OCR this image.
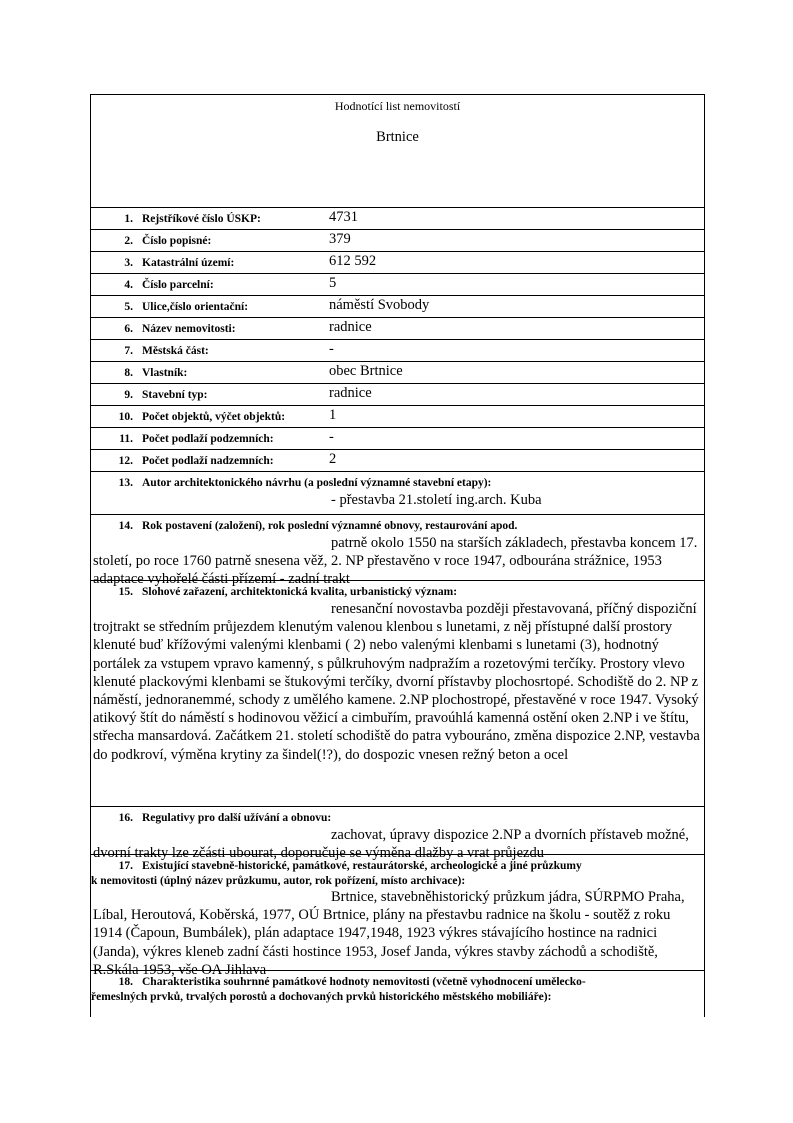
Hodnotící list nemovitostí
Brtnice
1. Rejstříkové číslo ÚSKP:	4731
2. Číslo popisné:	379
3. Katastrální území:	612 592
4. Číslo parcelní:	5
5. Ulice,číslo orientační:	náměstí Svobody
6. Název nemovitosti:	radnice
7. Městská část:	-
8. Vlastník:	obec Brtnice
9. Stavební typ:	radnice
10. Počet objektů, výčet objektů:	1
11. Počet podlaží podzemních:	-
12. Počet podlaží nadzemních:	2
13. Autor architektonického návrhu (a poslední významné stavební etapy):

- přestavba 21.století ing.arch. Kuba

14. Rok postavení (založení), rok poslední významné obnovy, restaurování apod.

patrně okolo 1550 na starších základech, přestavba koncem 17. století, po roce 1760 patrně snesena věž, 2. NP přestavěno v roce 1947, odbourána strážnice, 1953 adaptace vyhořelé části přízemí - zadní trakt

15. Slohové zařazení, architektonická kvalita, urbanistický význam:

renesanční novostavba později přestavovaná, příčný dispoziční trojtrakt se středním průjezdem klenutým valenou klenbou s lunetami, z něj přístupné další prostory klenuté buď křížovými valenými klenbami ( 2) nebo valenými klenbami s lunetami (3), hodnotný portálek za vstupem vpravo kamenný, s půlkruhovým nadpražím a rozetovými terčíky. Prostory vlevo klenuté plackovými klenbami se štukovými terčíky, dvorní přístavby plochosrtopé. Schodiště do 2. NP z náměstí, jednoranemmé, schody z umělého kamene. 2.NP plochostropé, přestavěné v roce 1947. Vysoký atikový štít do náměstí s hodinovou věžicí a cimbuřím, pravoúhlá kamenná ostění oken 2.NP i ve štítu, střecha mansardová. Začátkem 21. století schodiště do patra vybouráno, změna dispozice 2.NP, vestavba do podkroví, výměna krytiny za šindel(!?), do dospozic vnesen režný beton a ocel

16. Regulativy pro další užívání a obnovu:

zachovat, úpravy dispozice 2.NP a dvorních přístaveb možné, dvorní trakty lze zčásti ubourat, doporučuje se výměna dlažby a vrat průjezdu

17. Existující stavebně-historické, památkové, restaurátorské, archeologické a jiné průzkumy
k nemovitosti (úplný název průzkumu, autor, rok pořízení, místo archivace):

Brtnice, stavebněhistorický průzkum jádra, SÚRPMO Praha, Líbal, Heroutová, Koběrská, 1977, OÚ Brtnice, plány na přestavbu radnice na školu - soutěž z roku 1914 (Čapoun, Bumbálek), plán adaptace 1947,1948, 1923 výkres stávajícího hostince na radnici (Janda), výkres kleneb zadní části hostince 1953, Josef Janda, výkres stavby záchodů a schodiště, R.Skála 1953, vše OA Jihlava

18. Charakteristika souhrnné památkové hodnoty nemovitosti (včetně vyhodnocení umělecko-
řemeslných prvků, trvalých porostů a dochovaných prvků historického městského mobiliáře):
